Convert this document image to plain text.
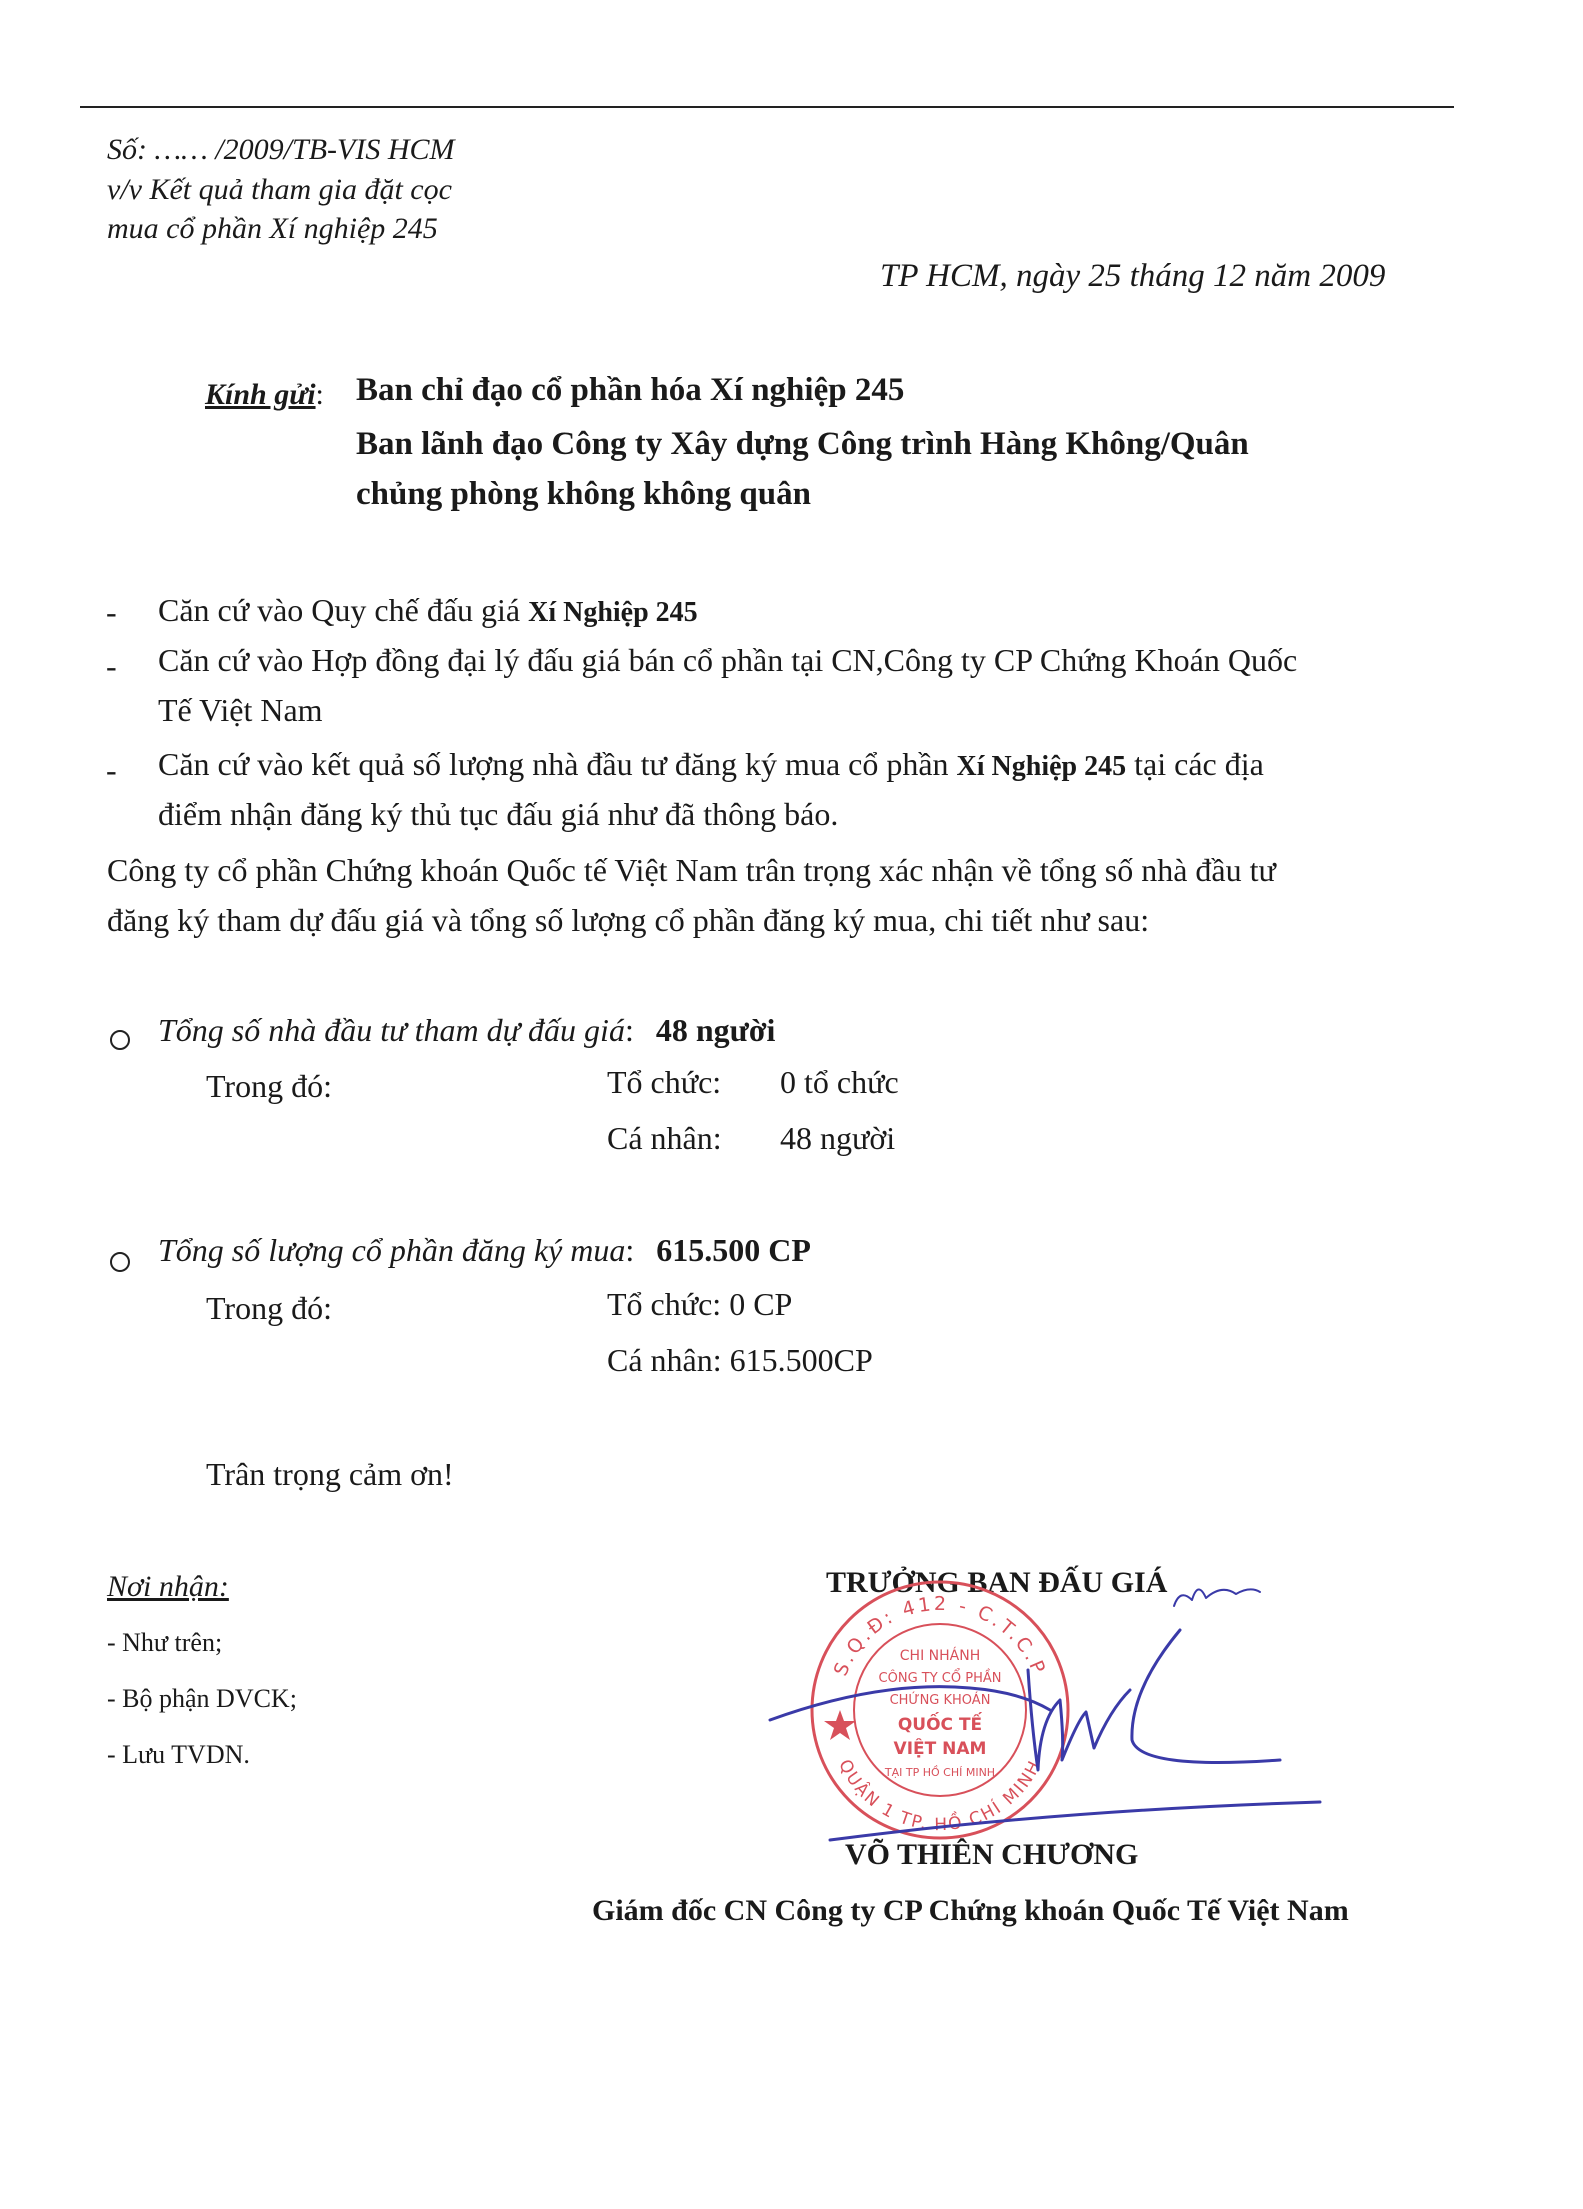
Số: …… /2009/TB-VIS HCM
v/v Kết quả tham gia đặt cọc
mua cổ phần Xí nghiệp 245
TP HCM, ngày 25 tháng 12 năm 2009
Kính gửi: Ban chỉ đạo cổ phần hóa Xí nghiệp 245
Ban lãnh đạo Công ty Xây dựng Công trình Hàng Không/Quân
chủng phòng không không quân
- Căn cứ vào Quy chế đấu giá Xí Nghiệp 245
- Căn cứ vào Hợp đồng đại lý đấu giá bán cổ phần tại CN,Công ty CP Chứng Khoán Quốc
Tế Việt Nam
- Căn cứ vào kết quả số lượng nhà đầu tư đăng ký mua cổ phần Xí Nghiệp 245 tại các địa
điểm nhận đăng ký thủ tục đấu giá như đã thông báo.
Công ty cổ phần Chứng khoán Quốc tế Việt Nam trân trọng xác nhận về tổng số nhà đầu tư
đăng ký tham dự đấu giá và tổng số lượng cổ phần đăng ký mua, chi tiết như sau:
Tổng số nhà đầu tư tham dự đấu giá: 48 người
Trong đó:	Tổ chức: 0 tổ chức
Cá nhân: 48 người
Tổng số lượng cổ phần đăng ký mua: 615.500 CP
Trong đó:	Tổ chức: 0 CP
Cá nhân: 615.500CP
Trân trọng cảm ơn!
Nơi nhận:
- Như trên;
- Bộ phận DVCK;
- Lưu TVDN.
TRƯỞNG BAN ĐẤU GIÁ
S.Q.Đ: 412 - C.T.C.P
QUẬN 1 TP. HỒ CHÍ MINH
CHI NHÁNH
CÔNG TY CỔ PHẦN
CHỨNG KHOÁN
QUỐC TẾ
VIỆT NAM
TẠI TP HỒ CHÍ MINH
VÕ THIÊN CHƯƠNG
Giám đốc CN Công ty CP Chứng khoán Quốc Tế Việt Nam
